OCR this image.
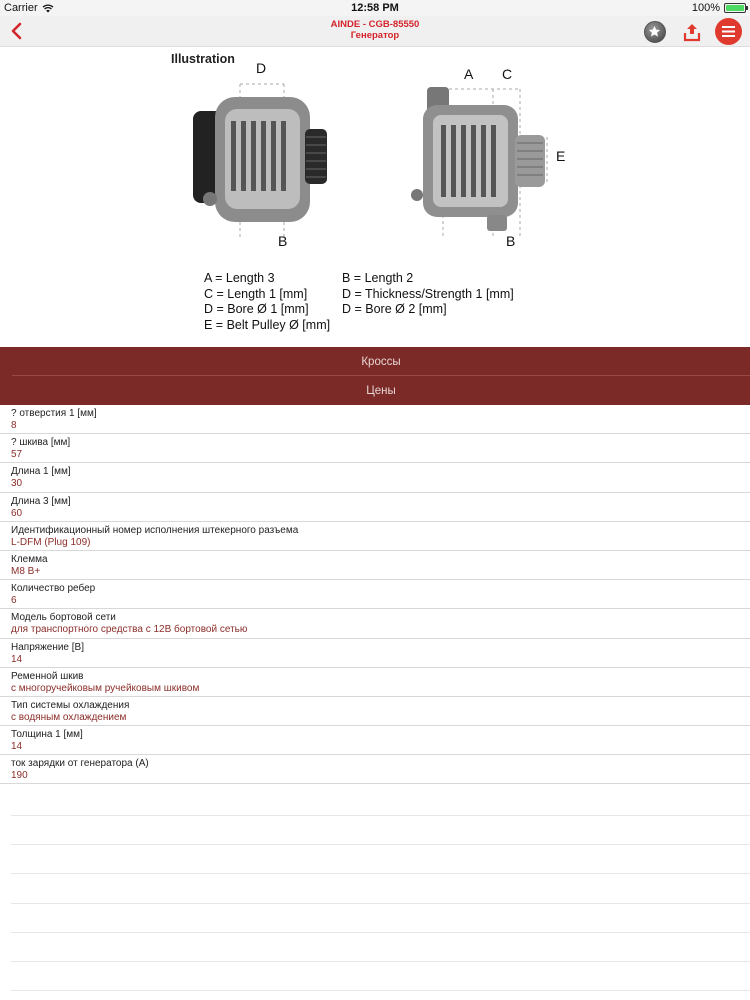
Carrier	12:58 PM	100%
AINDE - CGB-85550
Генератор
Illustration
D
B
A C
E
B
A = Length 3
C = Length 1 [mm]
D = Bore Ø 1 [mm]
E = Belt Pulley Ø [mm]
B = Length 2
D = Thickness/Strength 1 [mm]
D = Bore Ø 2 [mm]
Кроссы
Цены
? отверстия 1 [мм]
8
? шкива [мм]
57
Длина 1 [мм]
30
Длина 3 [мм]
60
Идентификационный номер исполнения штекерного разъема
L-DFM (Plug 109)
Клемма
M8 B+
Количество ребер
6
Модель бортовой сети
для транспортного средства с 12В бортовой сетью
Напряжение [В]
14
Ременной шкив
с многоручейковым ручейковым шкивом
Тип системы охлаждения
с водяным охлаждением
Толщина 1 [мм]
14
ток зарядки от генератора (А)
190
